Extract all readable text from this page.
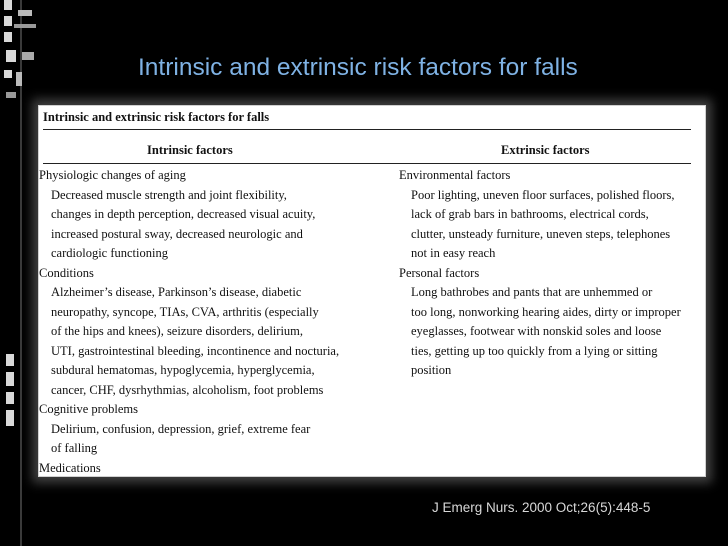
Intrinsic and extrinsic risk factors for falls
Intrinsic and extrinsic risk factors for falls
Intrinsic factors	Extrinsic factors
Physiologic changes of aging
Decreased muscle strength and joint flexibility,
changes in depth perception, decreased visual acuity,
increased postural sway, decreased neurologic and
cardiologic functioning
Conditions
Alzheimer’s disease, Parkinson’s disease, diabetic
neuropathy, syncope, TIAs, CVA, arthritis (especially
of the hips and knees), seizure disorders, delirium,
UTI, gastrointestinal bleeding, incontinence and nocturia,
subdural hematomas, hypoglycemia, hyperglycemia,
cancer, CHF, dysrhythmias, alcoholism, foot problems
Cognitive problems
Delirium, confusion, depression, grief, extreme fear
of falling
Medications
Environmental factors
Poor lighting, uneven floor surfaces, polished floors,
lack of grab bars in bathrooms, electrical cords,
clutter, unsteady furniture, uneven steps, telephones
not in easy reach
Personal factors
Long bathrobes and pants that are unhemmed or
too long, nonworking hearing aides, dirty or improper
eyeglasses, footwear with nonskid soles and loose
ties, getting up too quickly from a lying or sitting
position
J Emerg Nurs. 2000 Oct;26(5):448-5
